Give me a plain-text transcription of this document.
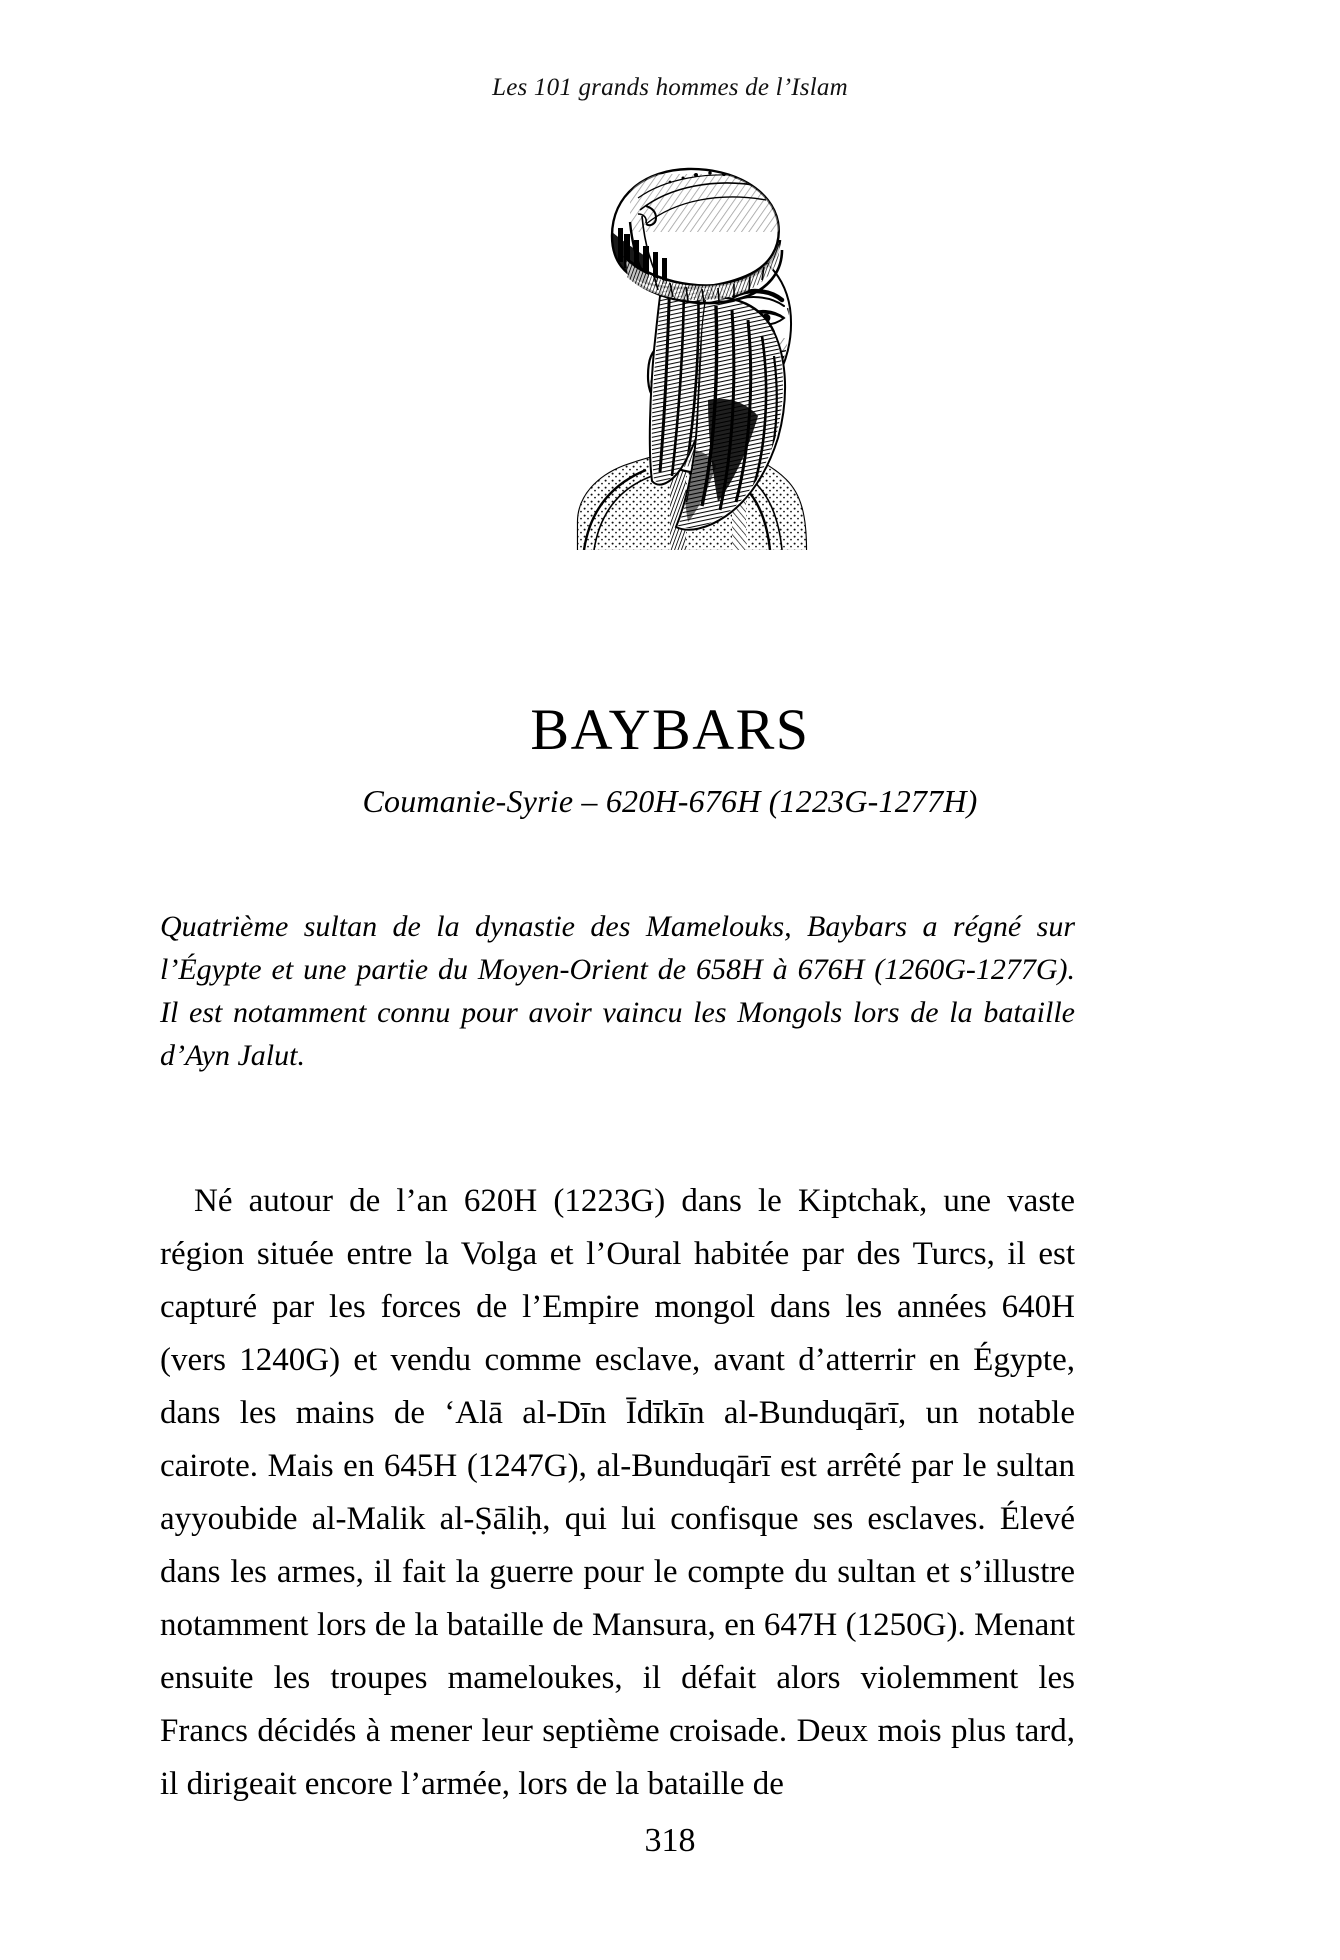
Les 101 grands hommes de l’Islam
BAYBARS
Coumanie-Syrie – 620H-676H (1223G-1277H)
Quatrième sultan de la dynastie des Mamelouks, Baybars a régné sur l’Égypte et une partie du Moyen-Orient de 658H à 676H (1260G-1277G). Il est notamment connu pour avoir vaincu les Mongols lors de la bataille d’Ayn Jalut.

Né autour de l’an 620H (1223G) dans le Kiptchak, une vaste région située entre la Volga et l’Oural habitée par des Turcs, il est capturé par les forces de l’Empire mongol dans les années 640H (vers 1240G) et vendu comme esclave, avant d’atterrir en Égypte, dans les mains de ‘Alā al-Dīn Īdīkīn al-Bunduqārī, un notable cairote. Mais en 645H (1247G), al-Bunduqārī est arrêté par le sultan ayyoubide al-Malik al-Ṣāliḥ, qui lui confisque ses esclaves. Élevé dans les armes, il fait la guerre pour le compte du sultan et s’illustre notamment lors de la bataille de Mansura, en 647H (1250G). Menant ensuite les troupes mameloukes, il défait alors violemment les Francs décidés à mener leur septième croisade. Deux mois plus tard, il dirigeait encore l’armée, lors de la bataille de

318
